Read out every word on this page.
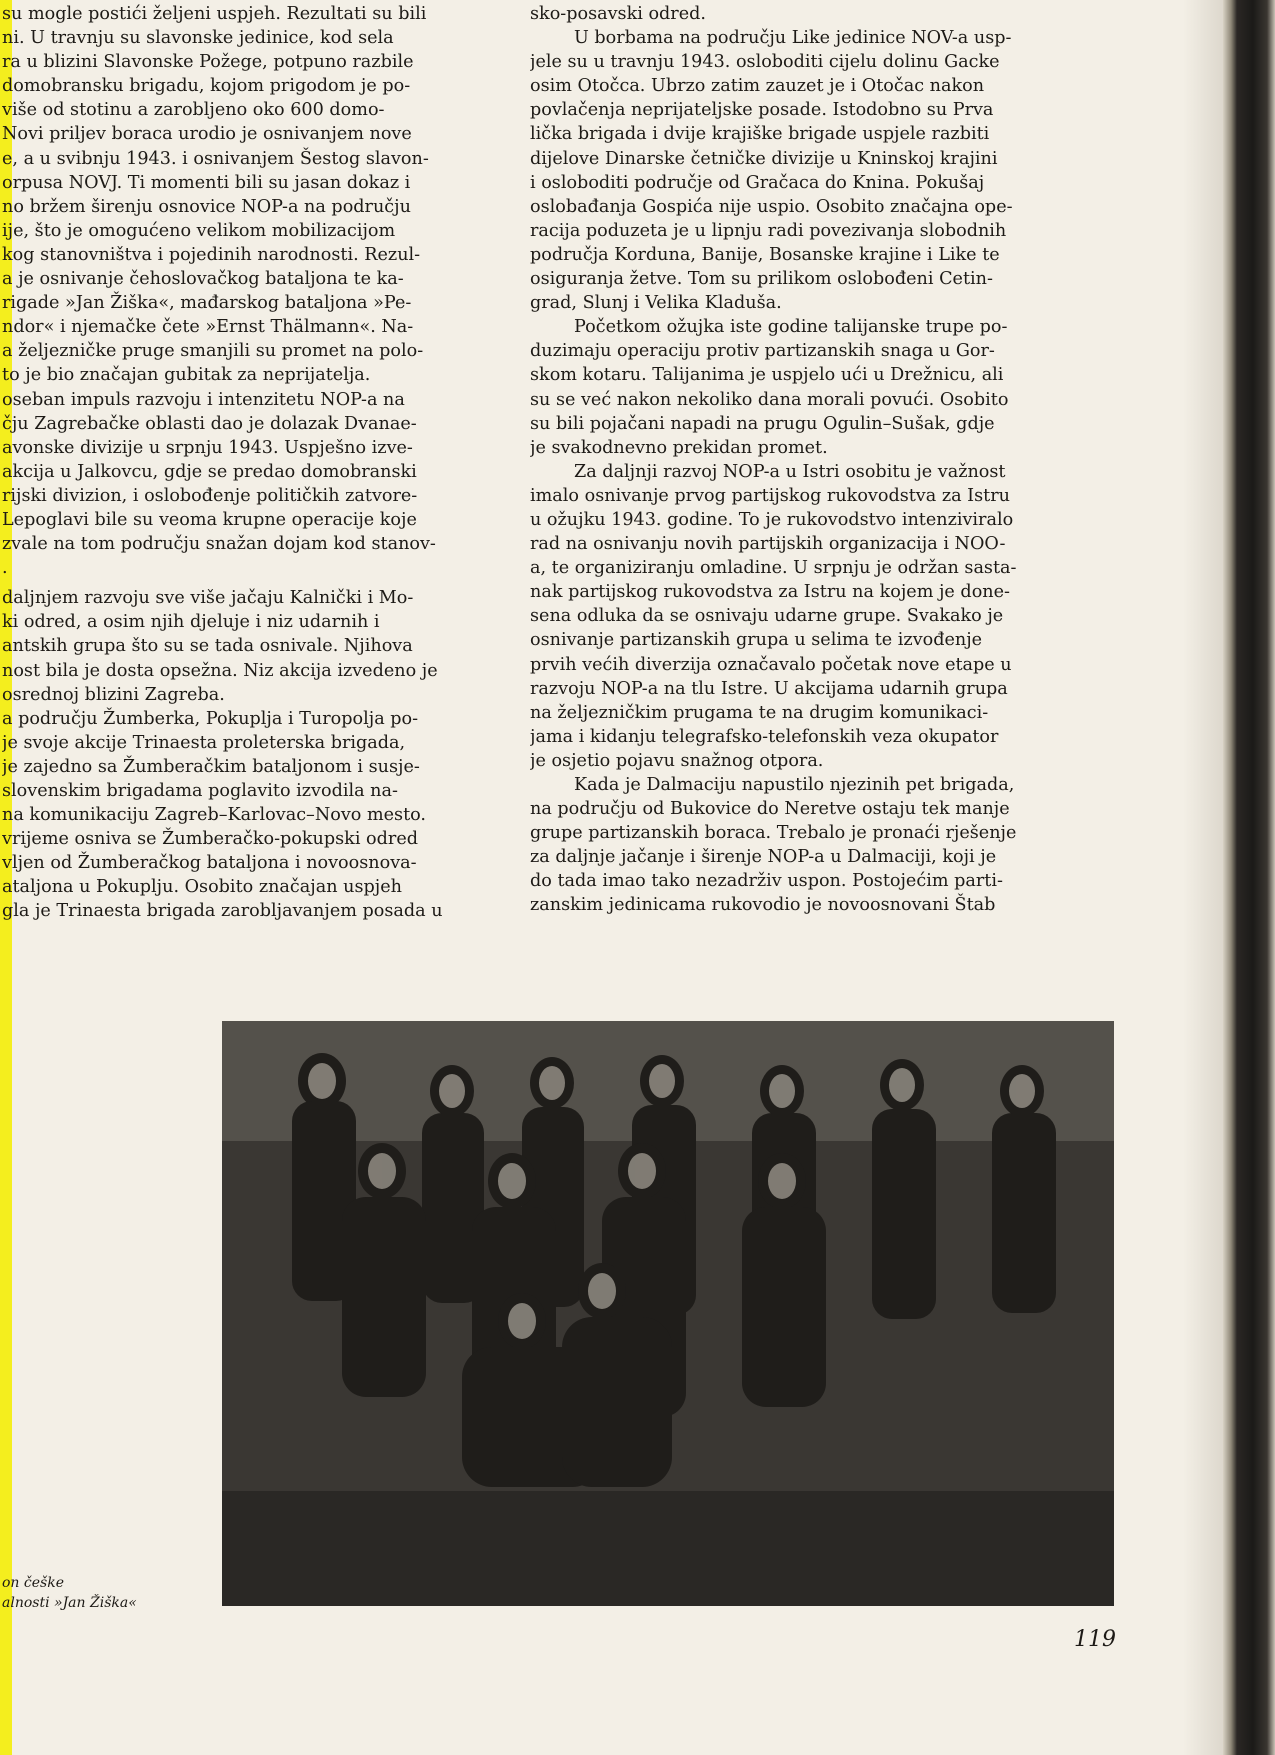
su mogle postići željeni uspjeh. Rezultati su bili
ni. U travnju su slavonske jedinice, kod sela
ra u blizini Slavonske Požege, potpuno razbile
domobransku brigadu, kojom prigodom je po-
više od stotinu a zarobljeno oko 600 domo-
Novi priljev boraca urodio je osnivanjem nove
e, a u svibnju 1943. i osnivanjem Šestog slavon-
orpusa NOVJ. Ti momenti bili su jasan dokaz i
no bržem širenju osnovice NOP-a na području
ije, što je omogućeno velikom mobilizacijom
kog stanovništva i pojedinih narodnosti. Rezul-
a je osnivanje čehoslovačkog bataljona te ka-
rigade »Jan Žiška«, mađarskog bataljona »Pe-
ndor« i njemačke čete »Ernst Thälmann«. Na-
a željezničke pruge smanjili su promet na polo-
to je bio značajan gubitak za neprijatelja.
oseban impuls razvoju i intenzitetu NOP-a na
čju Zagrebačke oblasti dao je dolazak Dvanae-
avonske divizije u srpnju 1943. Uspješno izve-
akcija u Jalkovcu, gdje se predao domobranski
rijski divizion, i oslobođenje političkih zatvore-
Lepoglavi bile su veoma krupne operacije koje
zvale na tom području snažan dojam kod stanov-
.
daljnjem razvoju sve više jačaju Kalnički i Mo-
ki odred, a osim njih djeluje i niz udarnih i
antskih grupa što su se tada osnivale. Njihova
nost bila je dosta opsežna. Niz akcija izvedeno je
osrednoj blizini Zagreba.
a području Žumberka, Pokuplja i Turopolja po-
je svoje akcije Trinaesta proleterska brigada,
je zajedno sa Žumberačkim bataljonom i susje-
slovenskim brigadama poglavito izvodila na-
na komunikaciju Zagreb–Karlovac–Novo mesto.
vrijeme osniva se Žumberačko-pokupski odred
vljen od Žumberačkog bataljona i novoosnova-
ataljona u Pokuplju. Osobito značajan uspjeh
gla je Trinaesta brigada zarobljavanjem posada u
sko-posavski odred.
U borbama na području Like jedinice NOV-a usp-
jele su u travnju 1943. osloboditi cijelu dolinu Gacke
osim Otočca. Ubrzo zatim zauzet je i Otočac nakon
povlačenja neprijateljske posade. Istodobno su Prva
lička brigada i dvije krajiške brigade uspjele razbiti
dijelove Dinarske četničke divizije u Kninskoj krajini
i osloboditi područje od Gračaca do Knina. Pokušaj
oslobađanja Gospića nije uspio. Osobito značajna ope-
racija poduzeta je u lipnju radi povezivanja slobodnih
područja Korduna, Banije, Bosanske krajine i Like te
osiguranja žetve. Tom su prilikom oslobođeni Cetin-
grad, Slunj i Velika Kladuša.
Početkom ožujka iste godine talijanske trupe po-
duzimaju operaciju protiv partizanskih snaga u Gor-
skom kotaru. Talijanima je uspjelo ući u Drežnicu, ali
su se već nakon nekoliko dana morali povući. Osobito
su bili pojačani napadi na prugu Ogulin–Sušak, gdje
je svakodnevno prekidan promet.
Za daljnji razvoj NOP-a u Istri osobitu je važnost
imalo osnivanje prvog partijskog rukovodstva za Istru
u ožujku 1943. godine. To je rukovodstvo intenziviralo
rad na osnivanju novih partijskih organizacija i NOO-
a, te organiziranju omladine. U srpnju je održan sasta-
nak partijskog rukovodstva za Istru na kojem je done-
sena odluka da se osnivaju udarne grupe. Svakako je
osnivanje partizanskih grupa u selima te izvođenje
prvih većih diverzija označavalo početak nove etape u
razvoju NOP-a na tlu Istre. U akcijama udarnih grupa
na željezničkim prugama te na drugim komunikaci-
jama i kidanju telegrafsko-telefonskih veza okupator
je osjetio pojavu snažnog otpora.
Kada je Dalmaciju napustilo njezinih pet brigada,
na području od Bukovice do Neretve ostaju tek manje
grupe partizanskih boraca. Trebalo je pronaći rješenje
za daljnje jačanje i širenje NOP-a u Dalmaciji, koji je
do tada imao tako nezadrživ uspon. Postojećim parti-
zanskim jedinicama rukovodio je novoosnovani Štab
on češke
alnosti »Jan Žiška«
119
